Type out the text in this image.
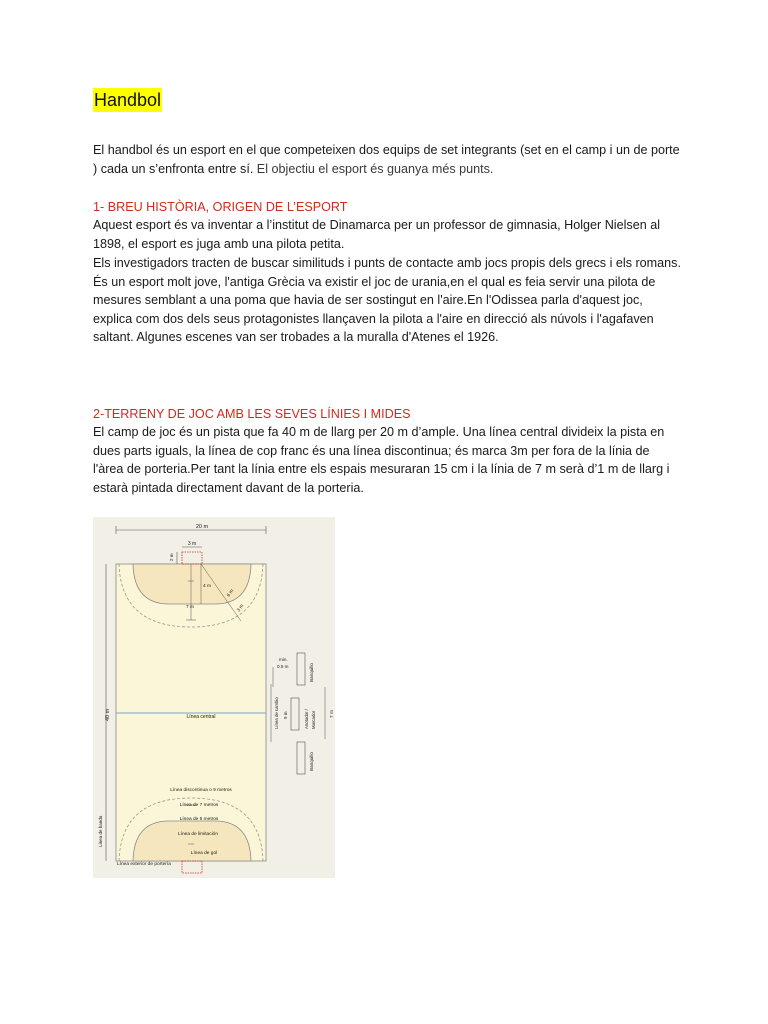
Handbol
El handbol és un esport en el que competeixen dos equips de set integrants (set en el camp i un de porte ) cada un s’enfronta entre sí. El objectiu el esport és guanya més punts.
1- BREU HISTÒRIA, ORIGEN DE L’ESPORT
Aquest esport és va inventar a l’institut de Dinamarca per un professor de gimnasia, Holger Nielsen al 1898, el esport es juga amb una pilota petita.
Els investigadors tracten de buscar similituds i punts de contacte amb jocs propis dels grecs i els romans. És un esport molt jove, l'antiga Grècia va existir el joc de urania,en el qual es feia servir una pilota de mesures semblant a una poma que havia de ser sostingut en l'aire.En l'Odissea parla d'aquest joc, explica com dos dels seus protagonistes llançaven la pilota a l'aire en direcció als núvols i l'agafaven saltant. Algunes escenes van ser trobades a la muralla d'Atenes el 1926.
2-TERRENY DE JOC AMB LES SEVES LÍNIES I MIDES
El camp de joc és un pista que fa 40 m de llarg per 20 m d’ample. Una línea central divideix la pista en dues parts iguals, la línea de cop franc és una línea discontinua; és marca 3m per fora de la línia de l'àrea de porteria.Per tant la línia entre els espais mesuraran 15 cm i la línia de 7 m serà d’1 m de llarg i estarà pintada directament davant de la porteria.
20 m
3 m
2 m
4 m
6 m
7 m	3 m
40 m
Línea de banda
min.
0.5 m	Banquillo
Banquillo
Anotador / Marcador
Línea de cambio 9 m	7 m
Línea central
Línea discontinua o 9 metros
Línea de 7 metros
Línea de 6 metros
Línea de limitación
Línea de gol
Línea exterior de portería
